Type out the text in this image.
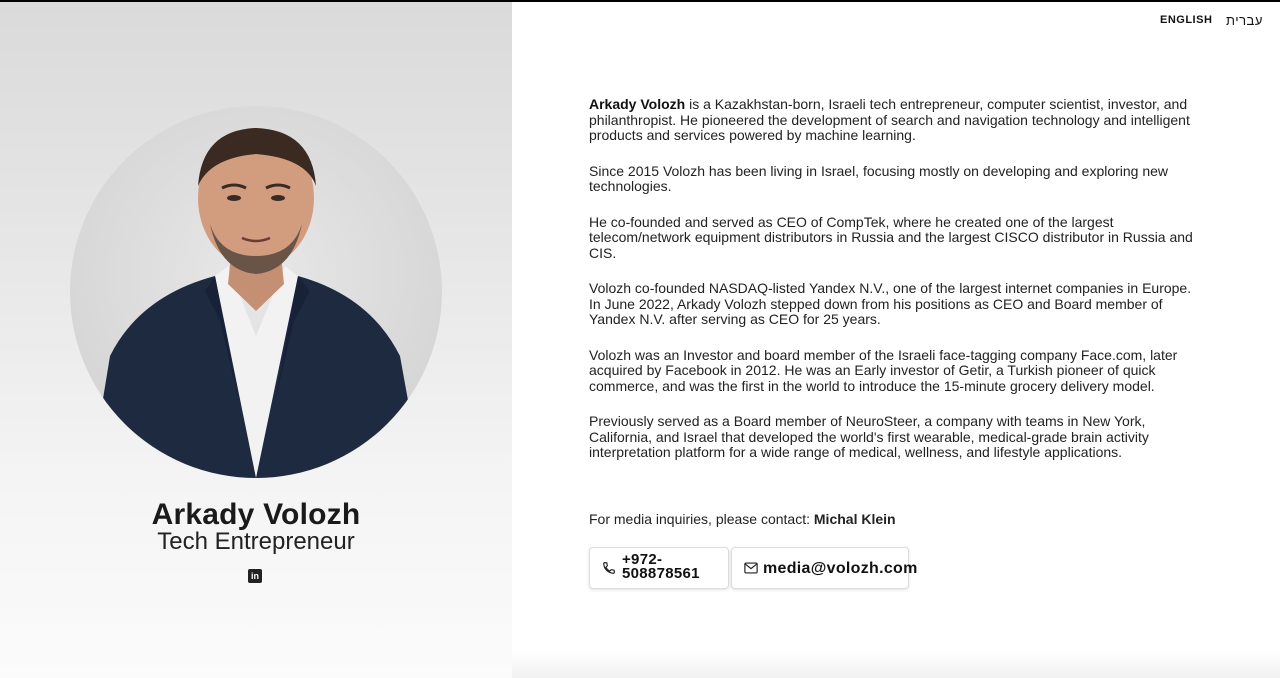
Arkady Volozh
Tech Entrepreneur
in
ENGLISH עברית

Arkady Volozh is a Kazakhstan-born, Israeli tech entrepreneur, computer scientist, investor, and philanthropist. He pioneered the development of search and navigation technology and intelligent products and services powered by machine learning.

Since 2015 Volozh has been living in Israel, focusing mostly on developing and exploring new technologies.

He co-founded and served as CEO of CompTek, where he created one of the largest telecom/network equipment distributors in Russia and the largest CISCO distributor in Russia and CIS.

Volozh co-founded NASDAQ-listed Yandex N.V., one of the largest internet companies in Europe. In June 2022, Arkady Volozh stepped down from his positions as CEO and Board member of Yandex N.V. after serving as CEO for 25 years.

Volozh was an Investor and board member of the Israeli face-tagging company Face.com, later acquired by Facebook in 2012. He was an Early investor of Getir, a Turkish pioneer of quick commerce, and was the first in the world to introduce the 15-minute grocery delivery model.

Previously served as a Board member of NeuroSteer, a company with teams in New York, California, and Israel that developed the world's first wearable, medical-grade brain activity interpretation platform for a wide range of medical, wellness, and lifestyle applications.

For media inquiries, please contact: Michal Klein
+972-
508878561	media@volozh.com
